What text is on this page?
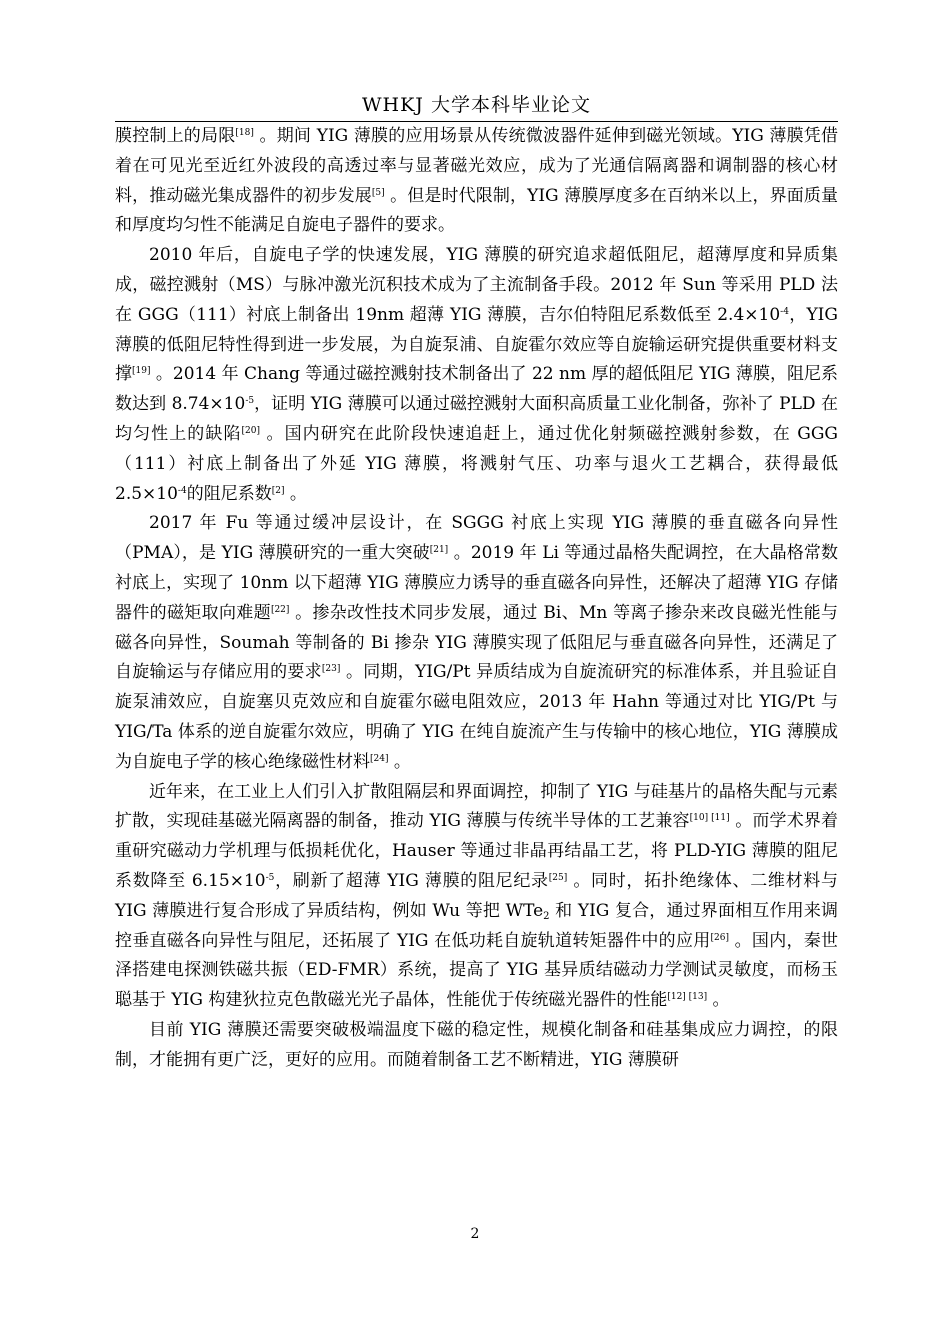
WHKJ 大学本科毕业论文

膜控制上的局限[18] 。期间 YIG 薄膜的应用场景从传统微波器件延伸到磁光领域。YIG 薄膜凭借着在可见光至近红外波段的高透过率与显著磁光效应，成为了光通信隔离器和调制器的核心材料，推动磁光集成器件的初步发展[5] 。但是时代限制，YIG 薄膜厚度多在百纳米以上，界面质量和厚度均匀性不能满足自旋电子器件的要求。

2010 年后，自旋电子学的快速发展，YIG 薄膜的研究追求超低阻尼，超薄厚度和异质集成，磁控溅射（MS）与脉冲激光沉积技术成为了主流制备手段。2012 年 Sun 等采用 PLD 法在 GGG（111）衬底上制备出 19nm 超薄 YIG 薄膜，吉尔伯特阻尼系数低至 $2.4\times 10^{-4}$，YIG 薄膜的低阻尼特性得到进一步发展，为自旋泵浦、自旋霍尔效应等自旋输运研究提供重要材料支撑[19] 。2014 年 Chang 等通过磁控溅射技术制备出了 22 nm 厚的超低阻尼 YIG 薄膜，阻尼系数达到 $8.74\times 10^{-5}$，证明 YIG 薄膜可以通过磁控溅射大面积高质量工业化制备，弥补了 PLD 在均匀性上的缺陷[20] 。国内研究在此阶段快速追赶上，通过优化射频磁控溅射参数，在 GGG（111）衬底上制备出了外延 YIG 薄膜，将溅射气压、功率与退火工艺耦合，获得最低 $2.5\times 10^{-4}$的阻尼系数[2] 。

2017 年 Fu 等通过缓冲层设计，在 SGGG 衬底上实现 YIG 薄膜的垂直磁各向异性（PMA），是 YIG 薄膜研究的一重大突破[21] 。2019 年 Li 等通过晶格失配调控，在大晶格常数衬底上，实现了 10nm 以下超薄 YIG 薄膜应力诱导的垂直磁各向异性，还解决了超薄 YIG 存储器件的磁矩取向难题[22] 。掺杂改性技术同步发展，通过 Bi、Mn 等离子掺杂来改良磁光性能与磁各向异性，Soumah 等制备的 Bi 掺杂 YIG 薄膜实现了低阻尼与垂直磁各向异性，还满足了自旋输运与存储应用的要求[23] 。同期，YIG/Pt 异质结成为自旋流研究的标准体系，并且验证自旋泵浦效应，自旋塞贝克效应和自旋霍尔磁电阻效应，2013 年 Hahn 等通过对比 YIG/Pt 与 YIG/Ta 体系的逆自旋霍尔效应，明确了 YIG 在纯自旋流产生与传输中的核心地位，YIG 薄膜成为自旋电子学的核心绝缘磁性材料[24] 。

近年来，在工业上人们引入扩散阻隔层和界面调控，抑制了 YIG 与硅基片的晶格失配与元素扩散，实现硅基磁光隔离器的制备，推动 YIG 薄膜与传统半导体的工艺兼容[10] [11] 。而学术界着重研究磁动力学机理与低损耗优化，Hauser 等通过非晶再结晶工艺，将 PLD-YIG 薄膜的阻尼系数降至 $6.15\times 10^{-5}$，刷新了超薄 YIG 薄膜的阻尼纪录[25] 。同时，拓扑绝缘体、二维材料与 YIG 薄膜进行复合形成了异质结构，例如 Wu 等把 WTe$_2$ 和 YIG 复合，通过界面相互作用来调控垂直磁各向异性与阻尼，还拓展了 YIG 在低功耗自旋轨道转矩器件中的应用[26] 。国内，秦世泽搭建电探测铁磁共振（ED-FMR）系统，提高了 YIG 基异质结磁动力学测试灵敏度，而杨玉聪基于 YIG 构建狄拉克色散磁光光子晶体，性能优于传统磁光器件的性能[12] [13] 。

目前 YIG 薄膜还需要突破极端温度下磁的稳定性，规模化制备和硅基集成应力调控，的限制，才能拥有更广泛，更好的应用。而随着制备工艺不断精进，YIG 薄膜研

2
